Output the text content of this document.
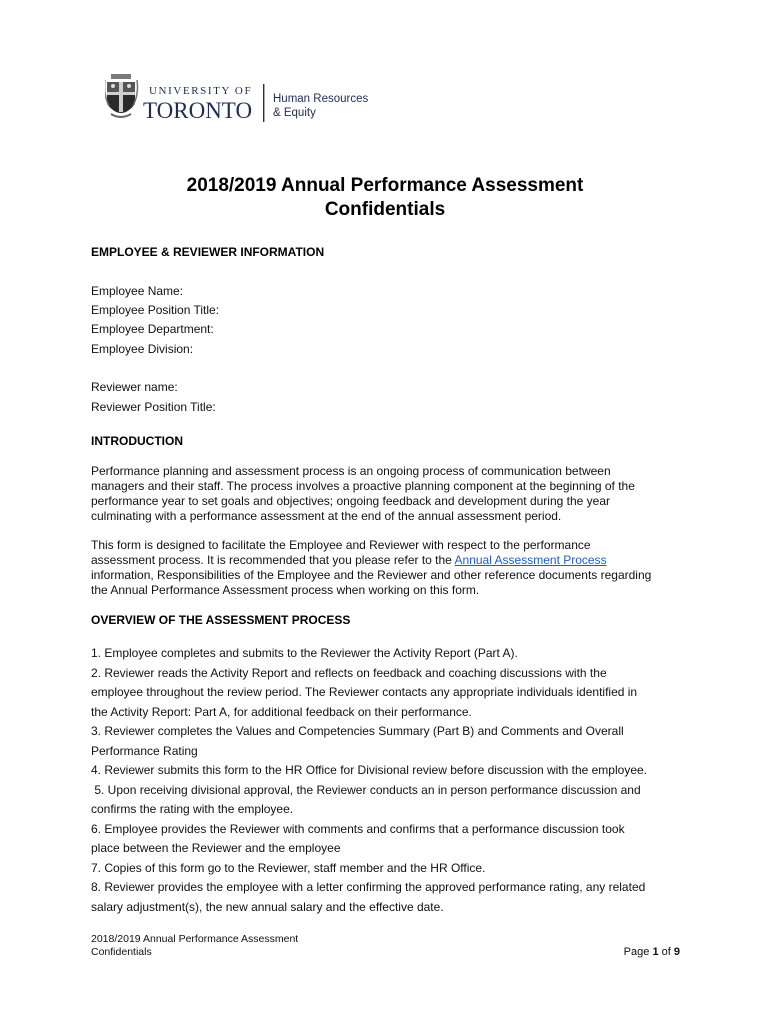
UNIVERSITY OF
TORONTO Human Resources
& Equity
2018/2019 Annual Performance Assessment
Confidentials
EMPLOYEE & REVIEWER INFORMATION
Employee Name:
Employee Position Title:
Employee Department:
Employee Division:
Reviewer name:
Reviewer Position Title:
INTRODUCTION

Performance planning and assessment process is an ongoing process of communication between

managers and their staff. The process involves a proactive planning component at the beginning of the

performance year to set goals and objectives; ongoing feedback and development during the year

culminating with a performance assessment at the end of the annual assessment period.

This form is designed to facilitate the Employee and Reviewer with respect to the performance

assessment process. It is recommended that you please refer to the Annual Assessment Process

information, Responsibilities of the Employee and the Reviewer and other reference documents regarding

the Annual Performance Assessment process when working on this form.

OVERVIEW OF THE ASSESSMENT PROCESS
1. Employee completes and submits to the Reviewer the Activity Report (Part A).
2. Reviewer reads the Activity Report and reflects on feedback and coaching discussions with the
employee throughout the review period. The Reviewer contacts any appropriate individuals identified in
the Activity Report: Part A, for additional feedback on their performance.
3. Reviewer completes the Values and Competencies Summary (Part B) and Comments and Overall
Performance Rating
4. Reviewer submits this form to the HR Office for Divisional review before discussion with the employee.
5. Upon receiving divisional approval, the Reviewer conducts an in person performance discussion and
confirms the rating with the employee.
6. Employee provides the Reviewer with comments and confirms that a performance discussion took
place between the Reviewer and the employee
7. Copies of this form go to the Reviewer, staff member and the HR Office.
8. Reviewer provides the employee with a letter confirming the approved performance rating, any related
salary adjustment(s), the new annual salary and the effective date.
2018/2019 Annual Performance Assessment
Confidentials	Page 1 of 9
